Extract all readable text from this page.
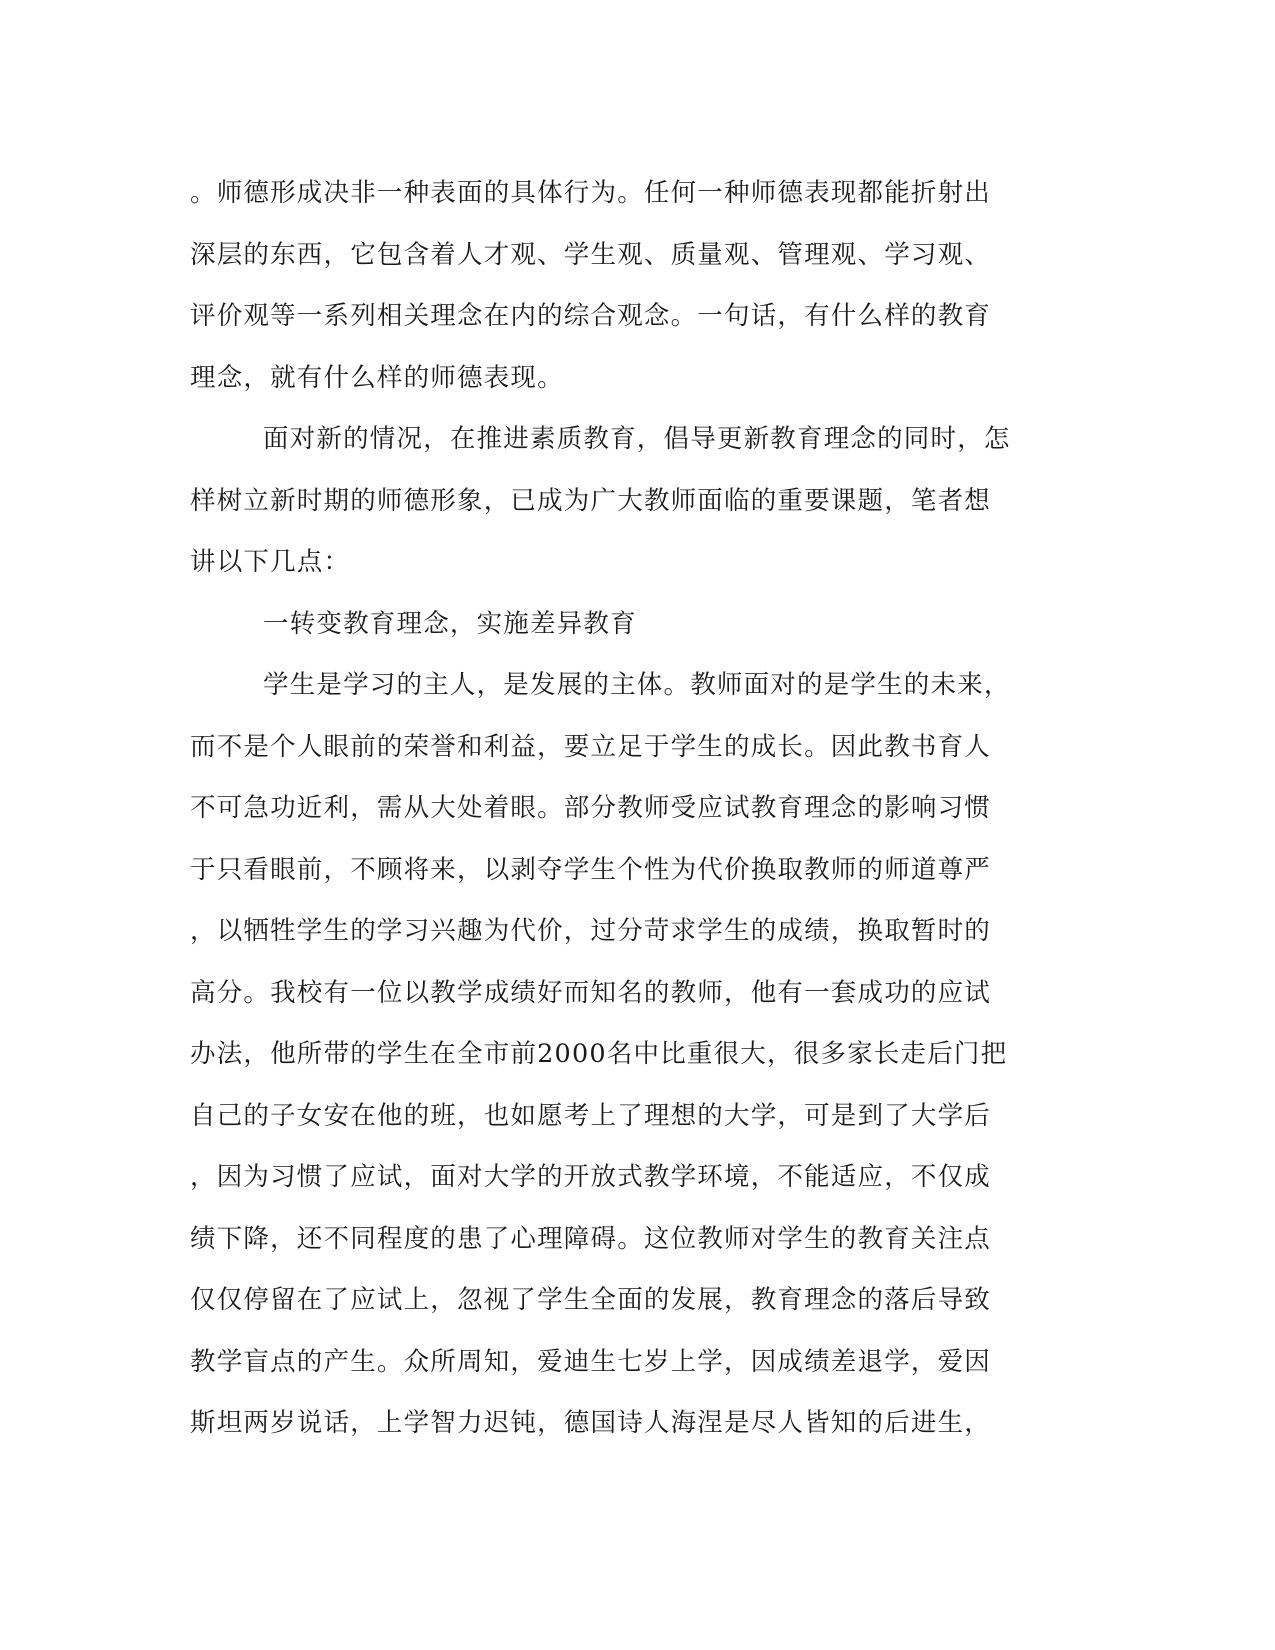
。师德形成决非一种表面的具体行为。任何一种师德表现都能折射出
深层的东西，它包含着人才观、学生观、质量观、管理观、学习观、
评价观等一系列相关理念在内的综合观念。一句话，有什么样的教育
理念，就有什么样的师德表现。
面对新的情况，在推进素质教育，倡导更新教育理念的同时，怎
样树立新时期的师德形象，已成为广大教师面临的重要课题，笔者想
讲以下几点：
一转变教育理念，实施差异教育
学生是学习的主人，是发展的主体。教师面对的是学生的未来，
而不是个人眼前的荣誉和利益，要立足于学生的成长。因此教书育人
不可急功近利，需从大处着眼。部分教师受应试教育理念的影响习惯
于只看眼前，不顾将来，以剥夺学生个性为代价换取教师的师道尊严
，以牺牲学生的学习兴趣为代价，过分苛求学生的成绩，换取暂时的
高分。我校有一位以教学成绩好而知名的教师，他有一套成功的应试
办法，他所带的学生在全市前2000名中比重很大，很多家长走后门把
自己的子女安在他的班，也如愿考上了理想的大学，可是到了大学后
，因为习惯了应试，面对大学的开放式教学环境，不能适应，不仅成
绩下降，还不同程度的患了心理障碍。这位教师对学生的教育关注点
仅仅停留在了应试上，忽视了学生全面的发展，教育理念的落后导致
教学盲点的产生。众所周知，爱迪生七岁上学，因成绩差退学，爱因
斯坦两岁说话，上学智力迟钝，德国诗人海涅是尽人皆知的后进生，
